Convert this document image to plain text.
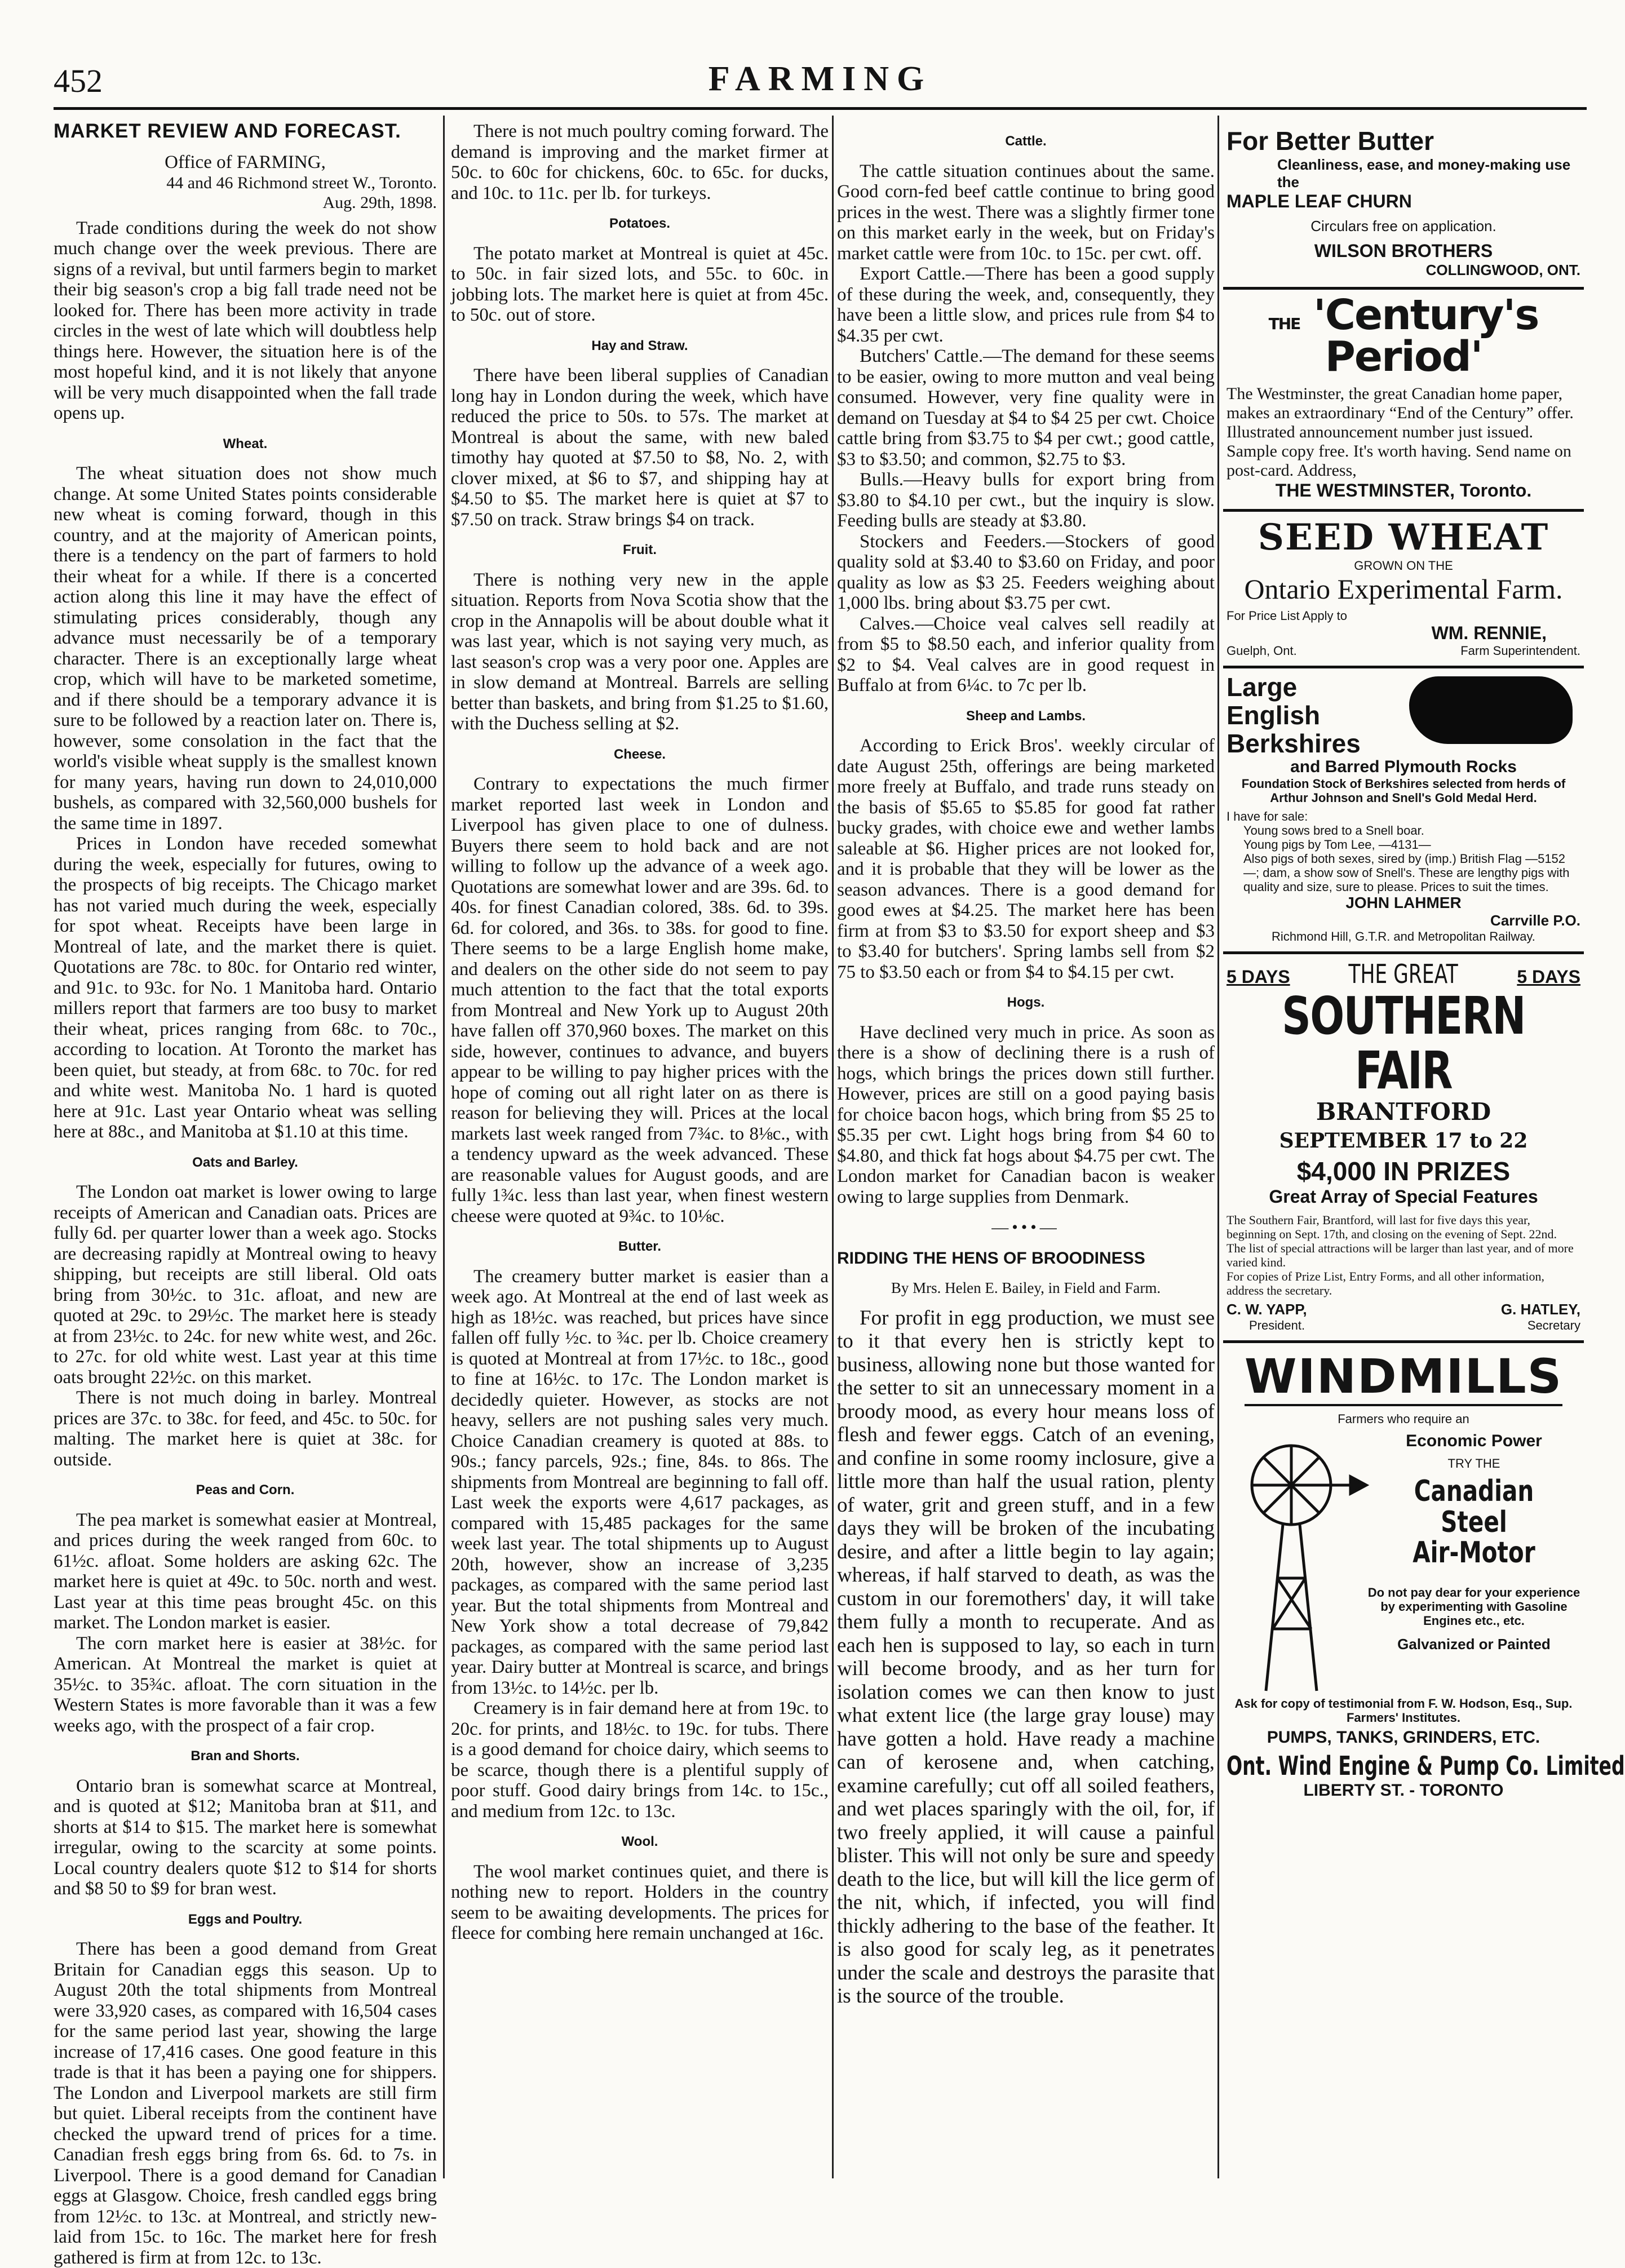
452	FARMING
MARKET REVIEW AND FORECAST.
Office of FARMING,
44 and 46 Richmond street W., Toronto.
Aug. 29th, 1898.

Trade conditions during the week do not show much change over the week previous. There are signs of a revival, but until farmers begin to market their big season's crop a big fall trade need not be looked for. There has been more activity in trade circles in the west of late which will doubtless help things here. However, the situation here is of the most hopeful kind, and it is not likely that anyone will be very much disappointed when the fall trade opens up.

Wheat.

The wheat situation does not show much change. At some United States points considerable new wheat is coming forward, though in this country, and at the majority of American points, there is a tendency on the part of farmers to hold their wheat for a while. If there is a concerted action along this line it may have the effect of stimulating prices considerably, though any advance must necessarily be of a temporary character. There is an exceptionally large wheat crop, which will have to be marketed sometime, and if there should be a temporary advance it is sure to be followed by a reaction later on. There is, however, some consolation in the fact that the world's visible wheat supply is the smallest known for many years, having run down to 24,010,000 bushels, as compared with 32,560,000 bushels for the same time in 1897.

Prices in London have receded somewhat during the week, especially for futures, owing to the prospects of big receipts. The Chicago market has not varied much during the week, especially for spot wheat. Receipts have been large in Montreal of late, and the market there is quiet. Quotations are 78c. to 80c. for Ontario red winter, and 91c. to 93c. for No. 1 Manitoba hard. Ontario millers report that farmers are too busy to market their wheat, prices ranging from 68c. to 70c., according to location. At Toronto the market has been quiet, but steady, at from 68c. to 70c. for red and white west. Manitoba No. 1 hard is quoted here at 91c. Last year Ontario wheat was selling here at 88c., and Manitoba at $1.10 at this time.

Oats and Barley.

The London oat market is lower owing to large receipts of American and Canadian oats. Prices are fully 6d. per quarter lower than a week ago. Stocks are decreasing rapidly at Montreal owing to heavy shipping, but receipts are still liberal. Old oats bring from 30½c. to 31c. afloat, and new are quoted at 29c. to 29½c. The market here is steady at from 23½c. to 24c. for new white west, and 26c. to 27c. for old white west. Last year at this time oats brought 22½c. on this market.

There is not much doing in barley. Montreal prices are 37c. to 38c. for feed, and 45c. to 50c. for malting. The market here is quiet at 38c. for outside.

Peas and Corn.

The pea market is somewhat easier at Montreal, and prices during the week ranged from 60c. to 61½c. afloat. Some holders are asking 62c. The market here is quiet at 49c. to 50c. north and west. Last year at this time peas brought 45c. on this market. The London market is easier.

The corn market here is easier at 38½c. for American. At Montreal the market is quiet at 35½c. to 35¾c. afloat. The corn situation in the Western States is more favorable than it was a few weeks ago, with the prospect of a fair crop.

Bran and Shorts.

Ontario bran is somewhat scarce at Montreal, and is quoted at $12; Manitoba bran at $11, and shorts at $14 to $15. The market here is somewhat irregular, owing to the scarcity at some points. Local country dealers quote $12 to $14 for shorts and $8 50 to $9 for bran west.

Eggs and Poultry.

There has been a good demand from Great Britain for Canadian eggs this season. Up to August 20th the total shipments from Montreal were 33,920 cases, as compared with 16,504 cases for the same period last year, showing the large increase of 17,416 cases. One good feature in this trade is that it has been a paying one for shippers. The London and Liverpool markets are still firm but quiet. Liberal receipts from the continent have checked the upward trend of prices for a time. Canadian fresh eggs bring from 6s. 6d. to 7s. in Liverpool. There is a good demand for Canadian eggs at Glasgow. Choice, fresh candled eggs bring from 12½c. to 13c. at Montreal, and strictly new-laid from 15c. to 16c. The market here for fresh gathered is firm at from 12c. to 13c.

There is not much poultry coming forward. The demand is improving and the market firmer at 50c. to 60c for chickens, 60c. to 65c. for ducks, and 10c. to 11c. per lb. for turkeys.

Potatoes.

The potato market at Montreal is quiet at 45c. to 50c. in fair sized lots, and 55c. to 60c. in jobbing lots. The market here is quiet at from 45c. to 50c. out of store.

Hay and Straw.

There have been liberal supplies of Canadian long hay in London during the week, which have reduced the price to 50s. to 57s. The market at Montreal is about the same, with new baled timothy hay quoted at $7.50 to $8, No. 2, with clover mixed, at $6 to $7, and shipping hay at $4.50 to $5. The market here is quiet at $7 to $7.50 on track. Straw brings $4 on track.

Fruit.

There is nothing very new in the apple situation. Reports from Nova Scotia show that the crop in the Annapolis will be about double what it was last year, which is not saying very much, as last season's crop was a very poor one. Apples are in slow demand at Montreal. Barrels are selling better than baskets, and bring from $1.25 to $1.60, with the Duchess selling at $2.

Cheese.

Contrary to expectations the much firmer market reported last week in London and Liverpool has given place to one of dulness. Buyers there seem to hold back and are not willing to follow up the advance of a week ago. Quotations are somewhat lower and are 39s. 6d. to 40s. for finest Canadian colored, 38s. 6d. to 39s. 6d. for colored, and 36s. to 38s. for good to fine. There seems to be a large English home make, and dealers on the other side do not seem to pay much attention to the fact that the total exports from Montreal and New York up to August 20th have fallen off 370,960 boxes. The market on this side, however, continues to advance, and buyers appear to be willing to pay higher prices with the hope of coming out all right later on as there is reason for believing they will. Prices at the local markets last week ranged from 7¾c. to 8⅛c., with a tendency upward as the week advanced. These are reasonable values for August goods, and are fully 1¾c. less than last year, when finest western cheese were quoted at 9¾c. to 10⅛c.

Butter.

The creamery butter market is easier than a week ago. At Montreal at the end of last week as high as 18½c. was reached, but prices have since fallen off fully ½c. to ¾c. per lb. Choice creamery is quoted at Montreal at from 17½c. to 18c., good to fine at 16½c. to 17c. The London market is decidedly quieter. However, as stocks are not heavy, sellers are not pushing sales very much. Choice Canadian creamery is quoted at 88s. to 90s.; fancy parcels, 92s.; fine, 84s. to 86s. The shipments from Montreal are beginning to fall off. Last week the exports were 4,617 packages, as compared with 15,485 packages for the same week last year. The total shipments up to August 20th, however, show an increase of 3,235 packages, as compared with the same period last year. But the total shipments from Montreal and New York show a total decrease of 79,842 packages, as compared with the same period last year. Dairy butter at Montreal is scarce, and brings from 13½c. to 14½c. per lb.

Creamery is in fair demand here at from 19c. to 20c. for prints, and 18½c. to 19c. for tubs. There is a good demand for choice dairy, which seems to be scarce, though there is a plentiful supply of poor stuff. Good dairy brings from 14c. to 15c., and medium from 12c. to 13c.

Wool.

The wool market continues quiet, and there is nothing new to report. Holders in the country seem to be awaiting developments. The prices for fleece for combing here remain unchanged at 16c.

Cattle.

The cattle situation continues about the same. Good corn-fed beef cattle continue to bring good prices in the west. There was a slightly firmer tone on this market early in the week, but on Friday's market cattle were from 10c. to 15c. per cwt. off.

Export Cattle.—There has been a good supply of these during the week, and, consequently, they have been a little slow, and prices rule from $4 to $4.35 per cwt.

Butchers' Cattle.—The demand for these seems to be easier, owing to more mutton and veal being consumed. However, very fine quality were in demand on Tuesday at $4 to $4 25 per cwt. Choice cattle bring from $3.75 to $4 per cwt.; good cattle, $3 to $3.50; and common, $2.75 to $3.

Bulls.—Heavy bulls for export bring from $3.80 to $4.10 per cwt., but the inquiry is slow. Feeding bulls are steady at $3.80.

Stockers and Feeders.—Stockers of good quality sold at $3.40 to $3.60 on Friday, and poor quality as low as $3 25. Feeders weighing about 1,000 lbs. bring about $3.75 per cwt.

Calves.—Choice veal calves sell readily at from $5 to $8.50 each, and inferior quality from $2 to $4. Veal calves are in good request in Buffalo at from 6¼c. to 7c per lb.

Sheep and Lambs.

According to Erick Bros'. weekly circular of date August 25th, offerings are being marketed more freely at Buffalo, and trade runs steady on the basis of $5.65 to $5.85 for good fat rather bucky grades, with choice ewe and wether lambs saleable at $6. Higher prices are not looked for, and it is probable that they will be lower as the season advances. There is a good demand for good ewes at $4.25. The market here has been firm at from $3 to $3.50 for export sheep and $3 to $3.40 for butchers'. Spring lambs sell from $2 75 to $3.50 each or from $4 to $4.15 per cwt.

Hogs.

Have declined very much in price. As soon as there is a show of declining there is a rush of hogs, which brings the prices down still further. However, prices are still on a good paying basis for choice bacon hogs, which bring from $5 25 to $5.35 per cwt. Light hogs bring from $4 60 to $4.80, and thick fat hogs about $4.75 per cwt. The London market for Canadian bacon is weaker owing to large supplies from Denmark.

—•••—
RIDDING THE HENS OF BROODINESS
By Mrs. Helen E. Bailey, in Field and Farm.

For profit in egg production, we must see to it that every hen is strictly kept to business, allowing none but those wanted for the setter to sit an unnecessary moment in a broody mood, as every hour means loss of flesh and fewer eggs. Catch of an evening, and confine in some roomy inclosure, give a little more than half the usual ration, plenty of water, grit and green stuff, and in a few days they will be broken of the incubating desire, and after a little begin to lay again; whereas, if half starved to death, as was the custom in our foremothers' day, it will take them fully a month to recuperate. And as each hen is supposed to lay, so each in turn will become broody, and as her turn for isolation comes we can then know to just what extent lice (the large gray louse) may have gotten a hold. Have ready a machine can of kerosene and, when catching, examine carefully; cut off all soiled feathers, and wet places sparingly with the oil, for, if two freely applied, it will cause a painful blister. This will not only be sure and speedy death to the lice, but will kill the lice germ of the nit, which, if infected, you will find thickly adhering to the base of the feather. It is also good for scaly leg, as it penetrates under the scale and destroys the parasite that is the source of the trouble.

For Better Butter
Cleanliness, ease, and money-making use the
MAPLE LEAF CHURN
Circulars free on application.
WILSON BROTHERS
COLLINGWOOD, ONT.
THE 'Century's Period'
The Westminster, the great Canadian home paper, makes an extraordinary “End of the Century” offer. Illustrated announcement number just issued. Sample copy free. It's worth having. Send name on post-card. Address,
THE WESTMINSTER, Toronto.
SEED WHEAT
GROWN ON THE
Ontario Experimental Farm.
For Price List Apply to
WM. RENNIE,
Guelph, Ont.	Farm Superintendent.
Large
English
Berkshires
and Barred Plymouth Rocks
Foundation Stock of Berkshires selected from herds of Arthur Johnson and Snell's Gold Medal Herd.
I have for sale:
Young sows bred to a Snell boar.
Young pigs by Tom Lee, —4131—
Also pigs of both sexes, sired by (imp.) British Flag —5152—; dam, a show sow of Snell's. These are lengthy pigs with quality and size, sure to please. Prices to suit the times.
JOHN LAHMER
Carrville P.O.
Richmond Hill, G.T.R. and Metropolitan Railway.
5 DAYS THE GREAT	5 DAYS
SOUTHERN FAIR
BRANTFORD
SEPTEMBER 17 to 22
$4,000 IN PRIZES
Great Array of Special Features
The Southern Fair, Brantford, will last for five days this year, beginning on Sept. 17th, and closing on the evening of Sept. 22nd.
The list of special attractions will be larger than last year, and of more varied kind.
For copies of Prize List, Entry Forms, and all other information, address the secretary.
C. W. YAPP,
President.
G. HATLEY,
Secretary
WINDMILLS
Farmers who require an
Economic Power
TRY THE
Canadian Steel
Air-Motor
Do not pay dear for your experience by experimenting with Gasoline Engines etc., etc.
Galvanized or Painted
Ask for copy of testimonial from F. W. Hodson, Esq., Sup. Farmers' Institutes.
PUMPS, TANKS, GRINDERS, ETC.
Ont. Wind Engine & Pump Co. Limited
LIBERTY ST. - TORONTO
